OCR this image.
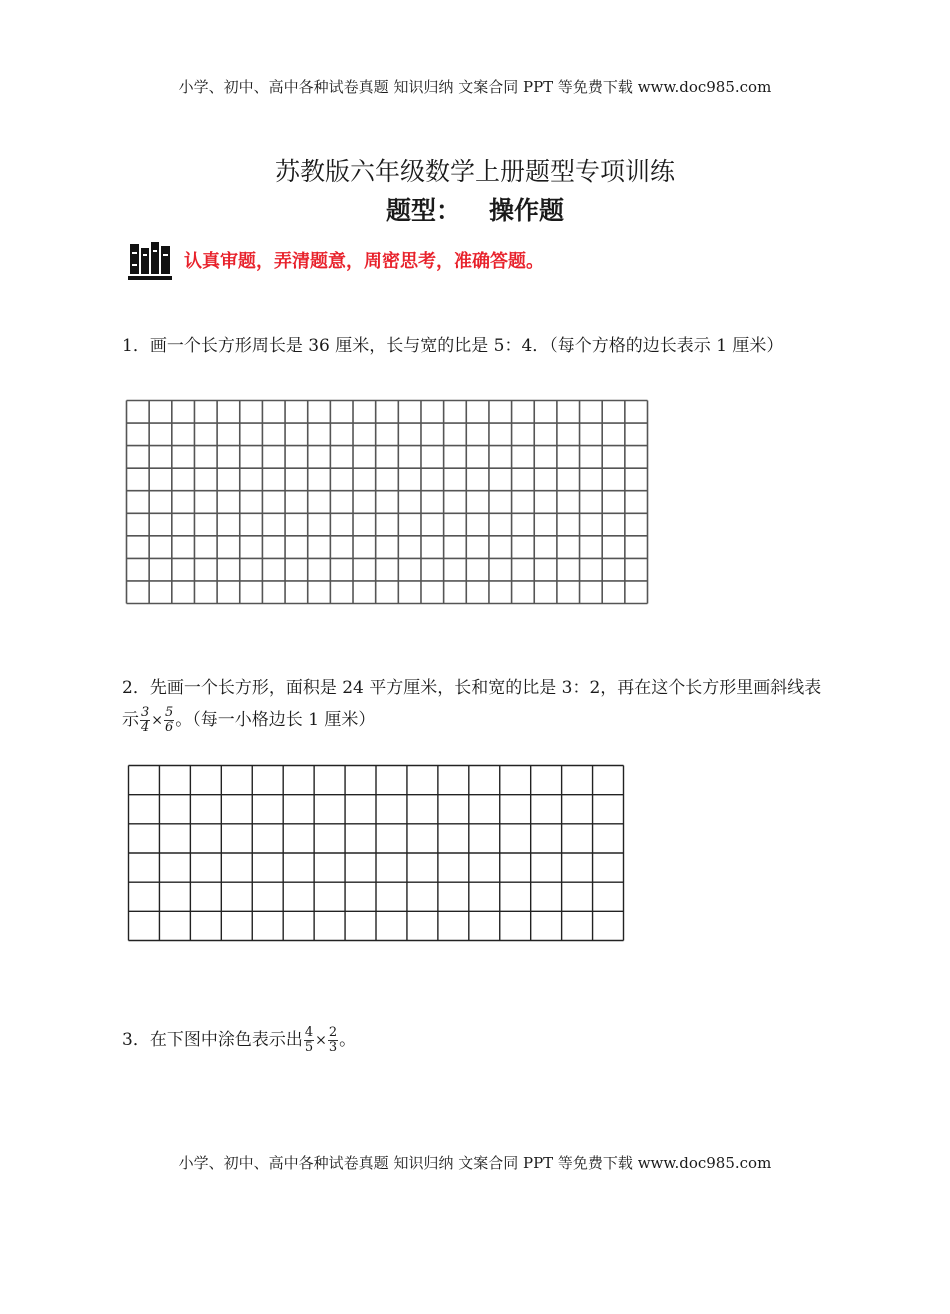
小学、初中、高中各种试卷真题 知识归纳 文案合同 PPT 等免费下载 www.doc985.com
苏教版六年级数学上册题型专项训练
题型： 操作题
认真审题，弄清题意，周密思考，准确答题。
1．画一个长方形周长是 36 厘米，长与宽的比是 5：4．（每个方格的边长表示 1 厘米）
2．先画一个长方形，面积是 24 平方厘米，长和宽的比是 3：2，再在这个长方形里画斜线表示 $\frac{3}{4} \times \frac{5}{6}$ 。（每一小格边长 1 厘米）
3．在下图中涂色表示出 $\frac{4}{5} \times \frac{2}{3}$ 。
小学、初中、高中各种试卷真题 知识归纳 文案合同 PPT 等免费下载 www.doc985.com
